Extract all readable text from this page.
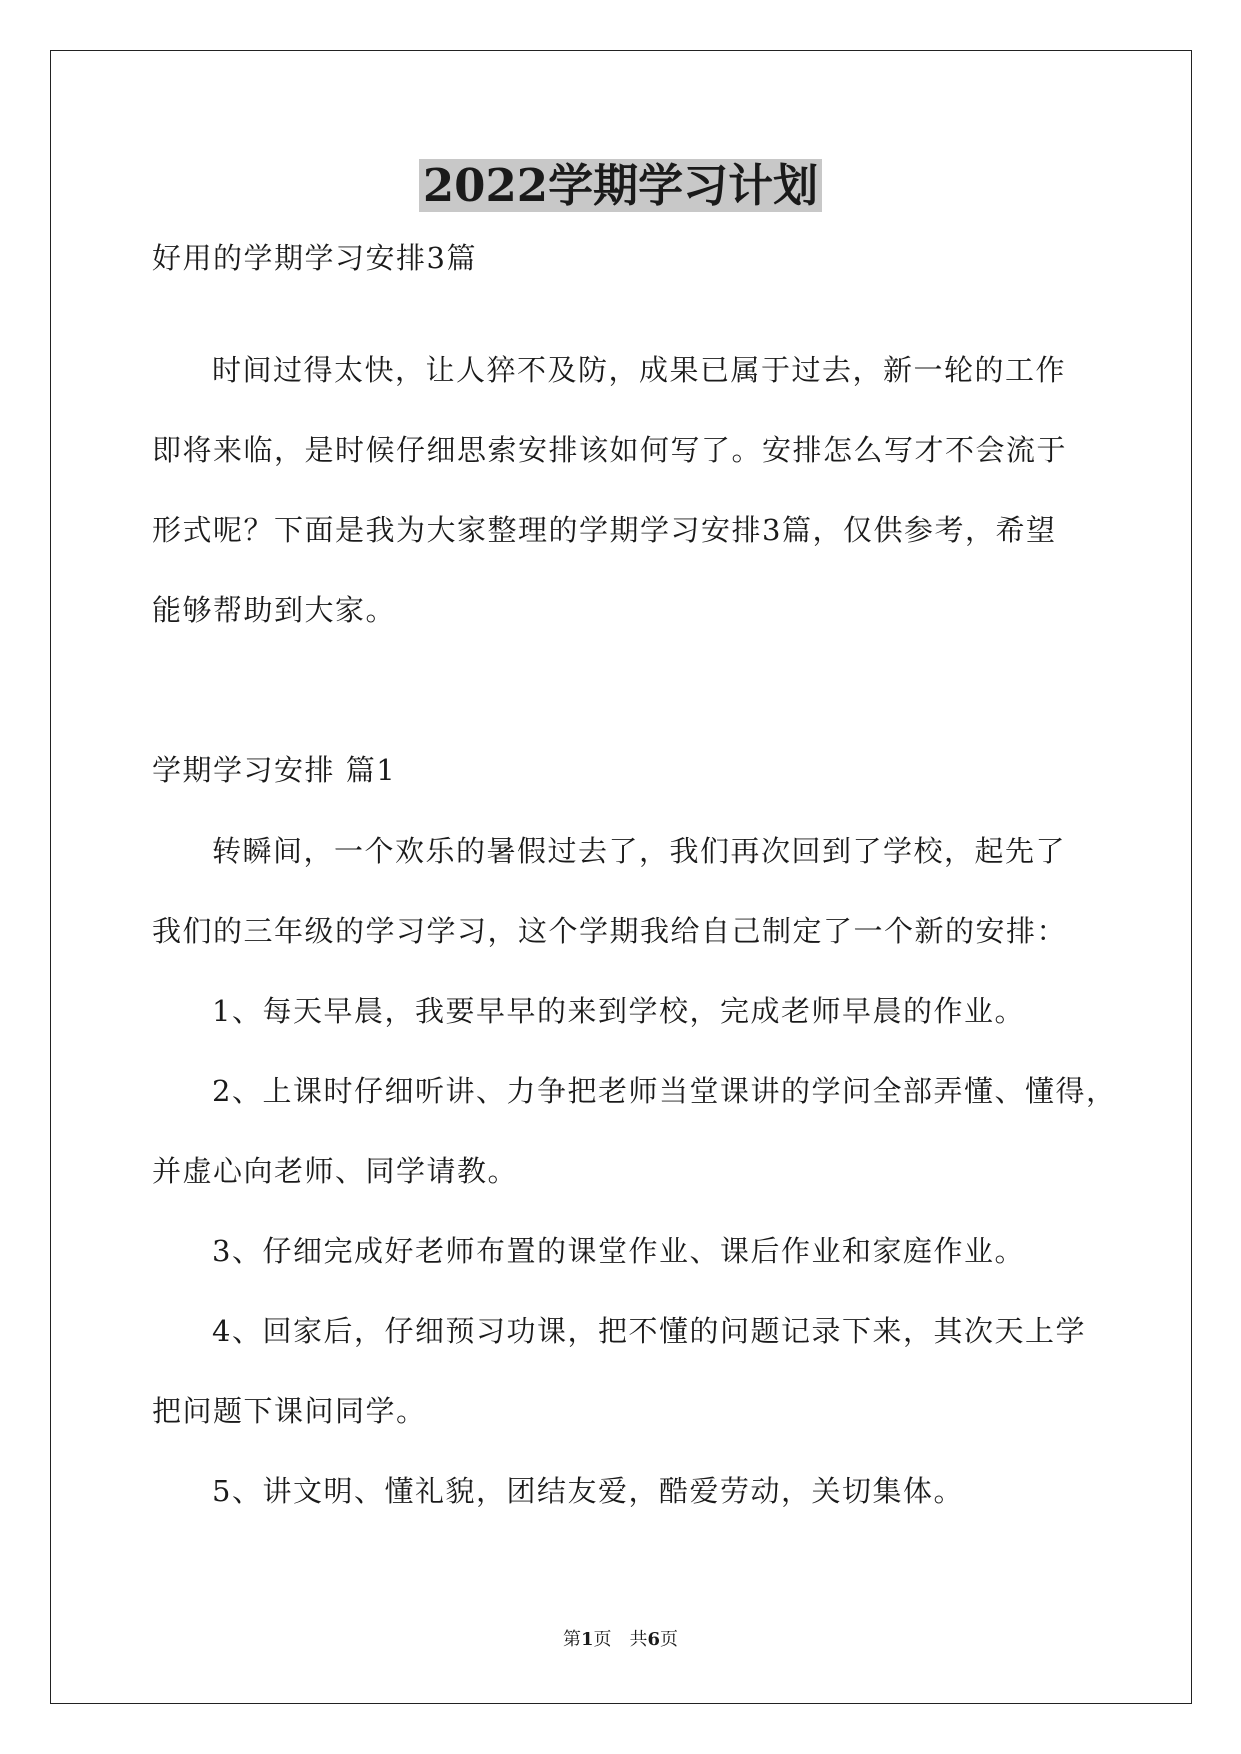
2022学期学习计划
好用的学期学习安排3篇
时间过得太快，让人猝不及防，成果已属于过去，新一轮的工作
即将来临，是时候仔细思索安排该如何写了。安排怎么写才不会流于
形式呢？下面是我为大家整理的学期学习安排3篇，仅供参考，希望
能够帮助到大家。
学期学习安排 篇1
转瞬间，一个欢乐的暑假过去了，我们再次回到了学校，起先了
我们的三年级的学习学习，这个学期我给自己制定了一个新的安排：
1、每天早晨，我要早早的来到学校，完成老师早晨的作业。
2、上课时仔细听讲、力争把老师当堂课讲的学问全部弄懂、懂得，
并虚心向老师、同学请教。
3、仔细完成好老师布置的课堂作业、课后作业和家庭作业。
4、回家后，仔细预习功课，把不懂的问题记录下来，其次天上学
把问题下课问同学。
5、讲文明、懂礼貌，团结友爱，酷爱劳动，关切集体。
第1页　共6页
